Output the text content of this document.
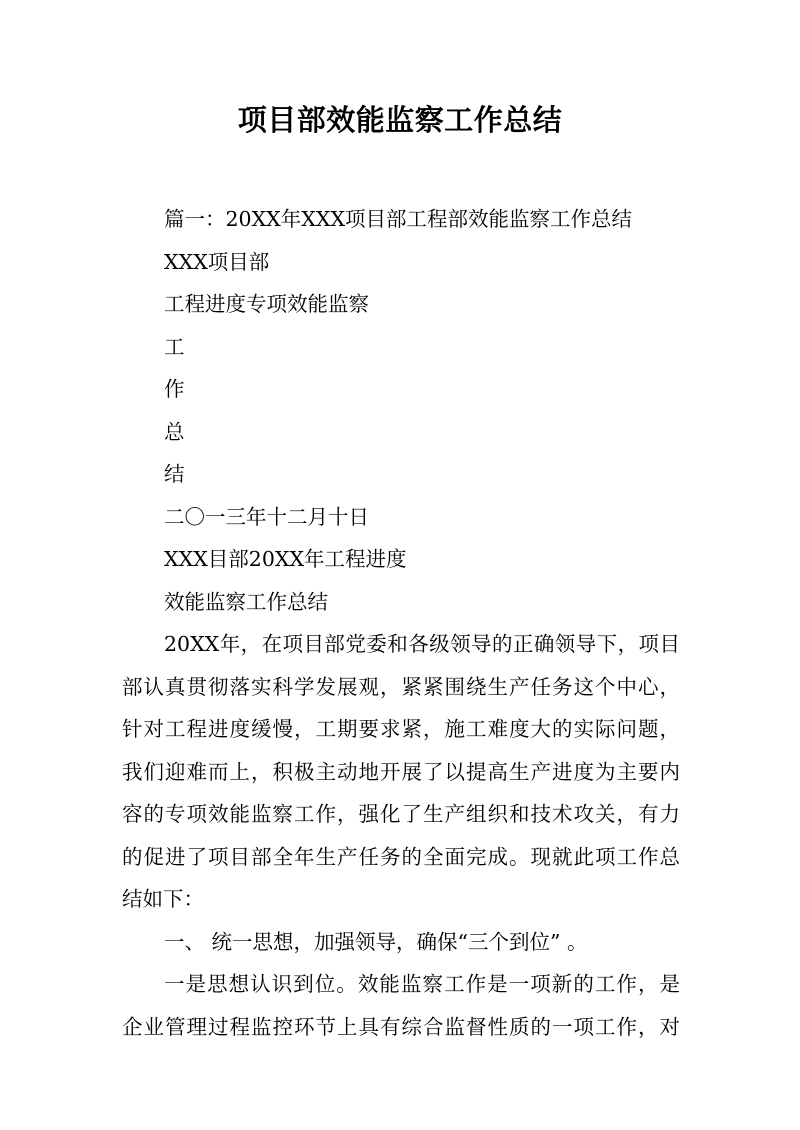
项目部效能监察工作总结
篇一：20XX年XXX项目部工程部效能监察工作总结
XXX项目部
工程进度专项效能监察
工
作
总
结
二〇一三年十二月十日
XXX目部20XX年工程进度
效能监察工作总结
20XX年，在项目部党委和各级领导的正确领导下，项目
部认真贯彻落实科学发展观，紧紧围绕生产任务这个中心，
针对工程进度缓慢，工期要求紧，施工难度大的实际问题，
我们迎难而上，积极主动地开展了以提高生产进度为主要内
容的专项效能监察工作，强化了生产组织和技术攻关，有力
的促进了项目部全年生产任务的全面完成。现就此项工作总
结如下：
一、 统一思想，加强领导，确保“三个到位” 。
一是思想认识到位。效能监察工作是一项新的工作，是
企业管理过程监控环节上具有综合监督性质的一项工作，对
